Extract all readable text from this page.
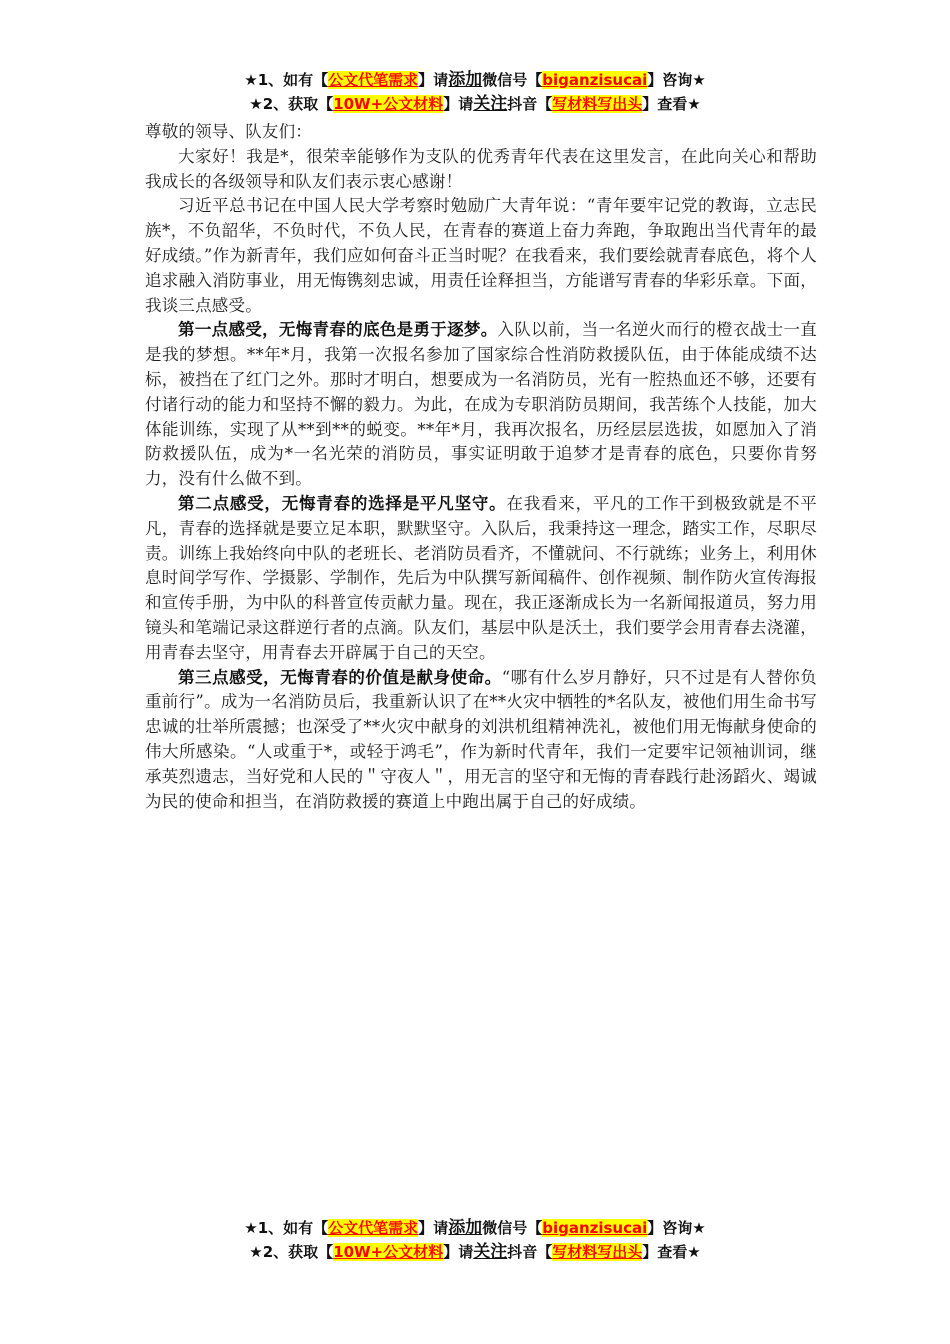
★1、如有【公文代笔需求】请添加微信号【biganzisucai】咨询★
★2、获取【10W+公文材料】请关注抖音【写材料写出头】查看★

尊敬的领导、队友们：

大家好！我是*，很荣幸能够作为支队的优秀青年代表在这里发言，在此向关心和帮助我成长的各级领导和队友们表示衷心感谢！

习近平总书记在中国人民大学考察时勉励广大青年说：“青年要牢记党的教诲，立志民族*，不负韶华，不负时代，不负人民，在青春的赛道上奋力奔跑，争取跑出当代青年的最好成绩。”作为新青年，我们应如何奋斗正当时呢？在我看来，我们要绘就青春底色，将个人追求融入消防事业，用无悔镌刻忠诚，用责任诠释担当，方能谱写青春的华彩乐章。下面，我谈三点感受。

第一点感受，无悔青春的底色是勇于逐梦。入队以前，当一名逆火而行的橙衣战士一直是我的梦想。**年*月，我第一次报名参加了国家综合性消防救援队伍，由于体能成绩不达标，被挡在了红门之外。那时才明白，想要成为一名消防员，光有一腔热血还不够，还要有付诸行动的能力和坚持不懈的毅力。为此，在成为专职消防员期间，我苦练个人技能，加大体能训练，实现了从**到**的蜕变。**年*月，我再次报名，历经层层选拔，如愿加入了消防救援队伍，成为*一名光荣的消防员，事实证明敢于追梦才是青春的底色，只要你肯努力，没有什么做不到。

第二点感受，无悔青春的选择是平凡坚守。在我看来，平凡的工作干到极致就是不平凡，青春的选择就是要立足本职，默默坚守。入队后，我秉持这一理念，踏实工作，尽职尽责。训练上我始终向中队的老班长、老消防员看齐，不懂就问、不行就练；业务上，利用休息时间学写作、学摄影、学制作，先后为中队撰写新闻稿件、创作视频、制作防火宣传海报和宣传手册，为中队的科普宣传贡献力量。现在，我正逐渐成长为一名新闻报道员，努力用镜头和笔端记录这群逆行者的点滴。队友们，基层中队是沃土，我们要学会用青春去浇灌，用青春去坚守，用青春去开辟属于自己的天空。

第三点感受，无悔青春的价值是献身使命。“哪有什么岁月静好，只不过是有人替你负重前行”。成为一名消防员后，我重新认识了在**火灾中牺牲的*名队友，被他们用生命书写忠诚的壮举所震撼；也深受了**火灾中献身的刘洪机组精神洗礼，被他们用无悔献身使命的伟大所感染。“人或重于*，或轻于鸿毛”，作为新时代青年，我们一定要牢记领袖训词，继承英烈遗志，当好党和人民的＂守夜人＂，用无言的坚守和无悔的青春践行赴汤蹈火、竭诚为民的使命和担当，在消防救援的赛道上中跑出属于自己的好成绩。

★1、如有【公文代笔需求】请添加微信号【biganzisucai】咨询★
★2、获取【10W+公文材料】请关注抖音【写材料写出头】查看★
